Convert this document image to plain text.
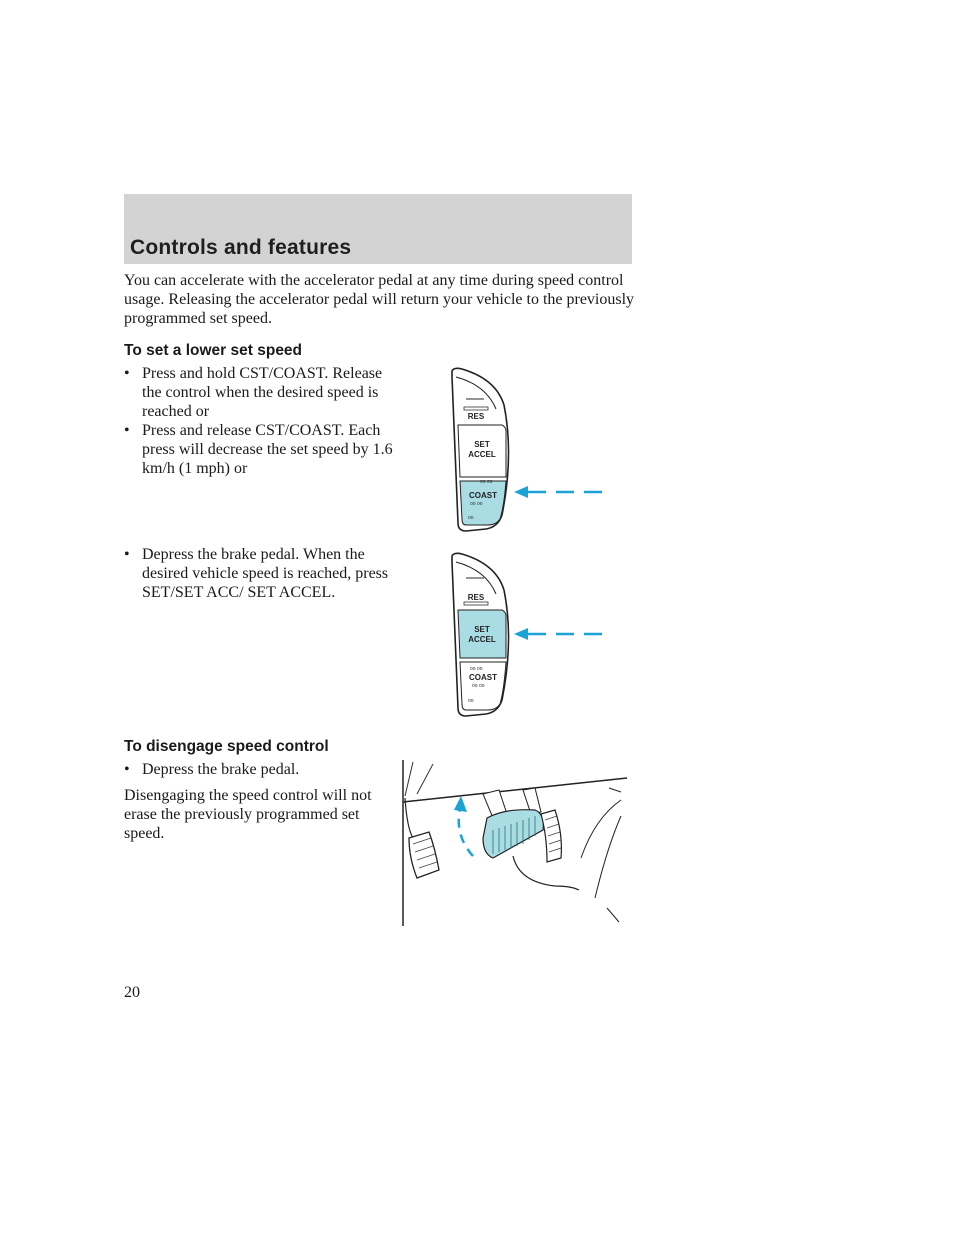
Controls and features

You can accelerate with the accelerator pedal at any time during speed control usage. Releasing the accelerator pedal will return your vehicle to the previously programmed set speed.

To set a lower set speed
• Press and hold CST/COAST. Release the control when the desired speed is reached or
• Press and release CST/COAST. Each press will decrease the set speed by 1.6 km/h (1 mph) or
• Depress the brake pedal. When the desired vehicle speed is reached, press SET/SET ACC/ SET ACCEL.
RES
SET
ACCEL
oo oo
COAST
oo oo
oo
RES
SET
ACCEL
oo oo
COAST
oo oo
oo
To disengage speed control
• Depress the brake pedal.

Disengaging the speed control will not erase the previously programmed set speed.

20
